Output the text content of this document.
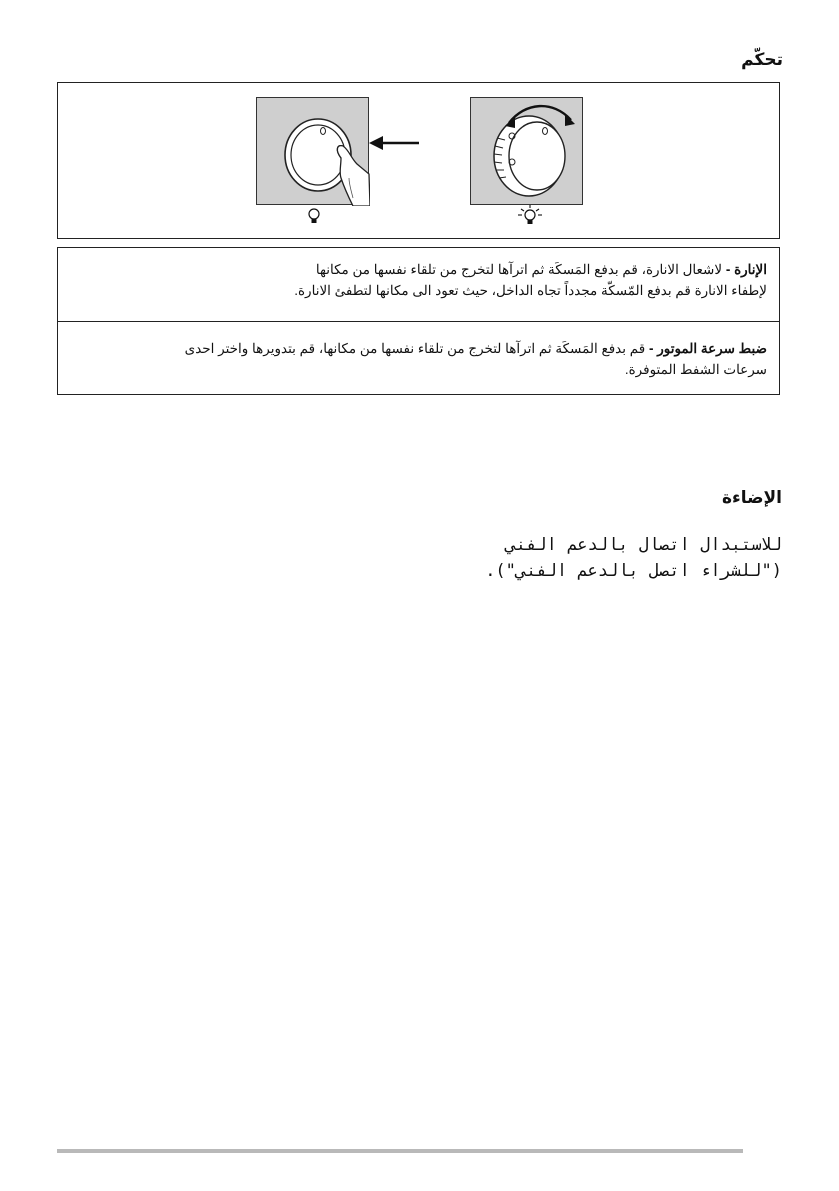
تحكّم
الإنارة - لاشعال الانارة، قم بدفع المَسكَة ثم اترآها لتخرج من تلقاء نفسها من مكانها
لإطفاء الانارة قم بدفع المّسكّة مجدداً تجاه الداخل، حيث تعود الى مكانها لتطفئ الانارة.
ضبط سرعة الموتور - قم بدفع المَسكَة ثم اترآها لتخرج من تلقاء نفسها من مكانها، قم بتدويرها واختر احدى
سرعات الشفط المتوفرة.
الإضاءة
للاستبدال اتصال بالدعم الفني
("للشراء اتصل بالدعم الفني").
